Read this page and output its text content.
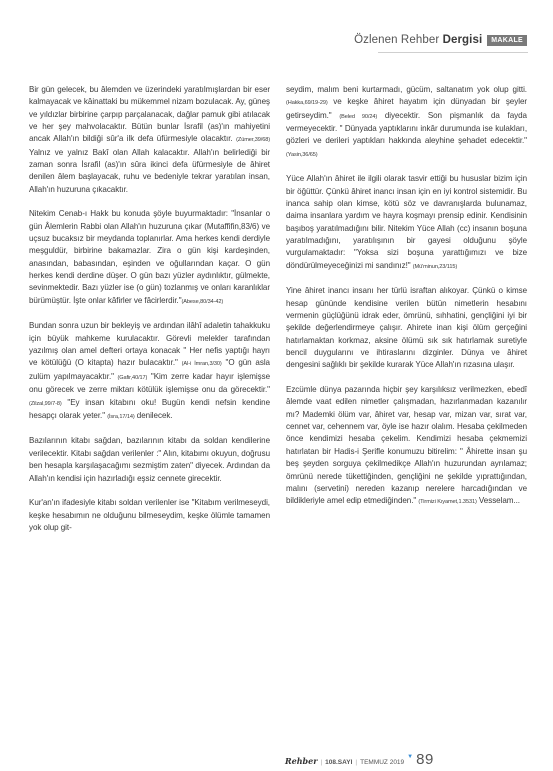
Özlenen Rehber Dergisi	MAKALE

Bir gün gelecek, bu âlemden ve üzerindeki yaratılmışlardan bir eser kalmayacak ve kâinattaki bu mükemmel nizam bozulacak. Ay, güneş ve yıldızlar birbirine çarpıp parçalanacak, dağlar pamuk gibi atılacak ve her şey mahvolacaktır. Bütün bunlar İsrafil (as)'ın mahiyetini ancak Allah'ın bildiği sûr'a ilk defa üfürmesiyle olacaktır. (Zümer,39/68) Yalnız ve yalnız Bakî olan Allah kalacaktır. Allah'ın belirlediği bir zaman sonra İsrafil (as)'ın sûra ikinci defa üfürmesiyle de âhiret denilen âlem başlayacak, ruhu ve bedeniyle tekrar yaratılan insan, Allah'ın huzuruna çıkacaktır.

Nitekim Cenab-ı Hakk bu konuda şöyle buyurmaktadır: "İnsanlar o gün Âlemlerin Rabbi olan Allah'ın huzuruna çıkar (Mutaffifin,83/6) ve uçsuz bucaksız bir meydanda toplanırlar. Ama herkes kendi derdiyle meşguldür, birbirine bakamazlar. Zira o gün kişi kardeşinden, anasından, babasından, eşinden ve oğullarından kaçar. O gün herkes kendi derdine düşer. O gün bazı yüzler aydınlıktır, gülmekte, sevinmektedir. Bazı yüzler ise (o gün) tozlanmış ve onları karanlıklar bürümüştür. İşte onlar kâfirler ve fâcirlerdir."(Abese,80/34-42)

Bundan sonra uzun bir bekleyiş ve ardından ilâhî adaletin tahakkuku için büyük mahkeme kurulacaktır. Görevli melekler tarafından yazılmış olan amel defteri ortaya konacak " Her nefis yaptığı hayrı ve kötülüğü (O kitapta) hazır bulacaktır." (Al-i İmran,3/30) "O gün asla zulüm yapılmayacaktır." (Gafir,40/17) "Kim zerre kadar hayır işlemişse onu görecek ve zerre miktarı kötülük işlemişse onu da görecektir." (Zilzal,99/7-8) "Ey insan kitabını oku! Bugün kendi nefsin kendine hesapçı olarak yeter." (İsra,17/14) denilecek.

Bazılarının kitabı sağdan, bazılarının kitabı da soldan kendilerine verilecektir. Kitabı sağdan verilenler :" Alın, kitabımı okuyun, doğrusu ben hesapla karşılaşacağımı sezmiştim zaten" diyecek. Ardından da Allah'ın kendisi için hazırladığı eşsiz cennete girecektir.

Kur'an'ın ifadesiyle kitabı soldan verilenler ise "Kitabım verilmeseydi, keşke hesabımın ne olduğunu bilmeseydim, keşke ölümle tamamen yok olup git-

seydim, malım beni kurtarmadı, gücüm, saltanatım yok olup gitti. (Hakka,69/19-29) ve keşke âhiret hayatım için dünyadan bir şeyler getirseydim." (Beled 90/24) diyecektir. Son pişmanlık da fayda vermeyecektir. " Dünyada yaptıklarını inkâr durumunda ise kulakları, gözleri ve derileri yaptıkları hakkında aleyhine şehadet edecektir." (Yasin,36/65)

Yüce Allah'ın âhiret ile ilgili olarak tasvir ettiği bu hususlar bizim için bir öğüttür. Çünkü âhiret inancı insan için en iyi kontrol sistemidir. Bu inanca sahip olan kimse, kötü söz ve davranışlarda bulunamaz, daima insanlara yardım ve hayra koşmayı prensip edinir. Kendisinin başıboş yaratılmadığını bilir. Nitekim Yüce Allah (cc) insanın boşuna yaratılmadığını, yaratılışının bir gayesi olduğunu şöyle vurgulamaktadır: "Yoksa sizi boşuna yarattığımızı ve bize döndürülmeyeceğinizi mi sandınız!" (Mü'minun,23/115)

Yine âhiret inancı insanı her türlü israftan alıkoyar. Çünkü o kimse hesap gününde kendisine verilen bütün nimetlerin hesabını vermenin güçlüğünü idrak eder, ömrünü, sıhhatini, gençliğini iyi bir şekilde değerlendirmeye çalışır. Ahirete inan kişi ölüm gerçeğini hatırlamaktan korkmaz, aksine ölümü sık sık hatırlamak suretiyle bencil duygularını ve ihtiraslarını dizginler. Dünya ve âhiret dengesini sağlıklı bir şekilde kurarak Yüce Allah'ın rızasına ulaşır.

Ezcümle dünya pazarında hiçbir şey karşılıksız verilmezken, ebedî âlemde vaat edilen nimetler çalışmadan, hazırlanmadan kazanılır mı? Mademki ölüm var, âhiret var, hesap var, mizan var, sırat var, cennet var, cehennem var, öyle ise hazır olalım. Hesaba çekilmeden önce kendimizi hesaba çekelim. Kendimizi hesaba çekmemizi hatırlatan bir Hadis-i Şerifle konumuzu bitirelim: " Âhirette insan şu beş şeyden sorguya çekilmedikçe Allah'ın huzurundan ayrılamaz; ömrünü nerede tükettiğinden, gençliğini ne şekilde yıprattığından, malını (servetini) nereden kazanıp nerelere harcadığından ve bildikleriyle amel edip etmediğinden." (Tirmizi Kıyamet,1.3531) Vesselam...

Rehber | 108.SAYI | TEMMUZ 2019
▼ 89
